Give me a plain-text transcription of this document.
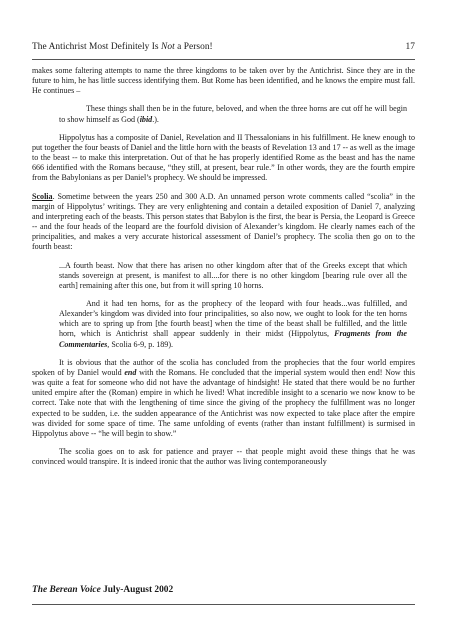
The Antichrist Most Definitely Is Not a Person!	17

makes some faltering attempts to name the three kingdoms to be taken over by the Antichrist. Since they are in the future to him, he has little success identifying them. But Rome has been identified, and he knows the empire must fall. He continues –

These things shall then be in the future, beloved, and when the three horns are cut off he will begin to show himself as God (ibid.).

Hippolytus has a composite of Daniel, Revelation and II Thessalonians in his fulfillment. He knew enough to put together the four beasts of Daniel and the little horn with the beasts of Revelation 13 and 17 -- as well as the image to the beast -- to make this interpretation. Out of that he has properly identified Rome as the beast and has the name 666 identified with the Romans because, “they still, at present, bear rule.” In other words, they are the fourth empire from the Babylonians as per Daniel’s prophecy. We should be impressed.

Scolia. Sometime between the years 250 and 300 A.D. An unnamed person wrote comments called “scolia” in the margin of Hippolytus’ writings. They are very enlightening and contain a detailed exposition of Daniel 7, analyzing and interpreting each of the beasts. This person states that Babylon is the first, the bear is Persia, the Leopard is Greece -- and the four heads of the leopard are the fourfold division of Alexander’s kingdom. He clearly names each of the principalities, and makes a very accurate historical assessment of Daniel’s prophecy. The scolia then go on to the fourth beast:

...A fourth beast. Now that there has arisen no other kingdom after that of the Greeks except that which stands sovereign at present, is manifest to all....for there is no other kingdom [bearing rule over all the earth] remaining after this one, but from it will spring 10 horns.

And it had ten horns, for as the prophecy of the leopard with four heads...was fulfilled, and Alexander’s kingdom was divided into four principalities, so also now, we ought to look for the ten horns which are to spring up from [the fourth beast] when the time of the beast shall be fulfilled, and the little horn, which is Antichrist shall appear suddenly in their midst (Hippolytus, Fragments from the Commentaries, Scolia 6-9, p. 189).

It is obvious that the author of the scolia has concluded from the prophecies that the four world empires spoken of by Daniel would end with the Romans. He concluded that the imperial system would then end! Now this was quite a feat for someone who did not have the advantage of hindsight! He stated that there would be no further united empire after the (Roman) empire in which he lived! What incredible insight to a scenario we now know to be correct. Take note that with the lengthening of time since the giving of the prophecy the fulfillment was no longer expected to be sudden, i.e. the sudden appearance of the Antichrist was now expected to take place after the empire was divided for some space of time. The same unfolding of events (rather than instant fulfillment) is surmised in Hippolytus above -- “he will begin to show.”

The scolia goes on to ask for patience and prayer -- that people might avoid these things that he was convinced would transpire. It is indeed ironic that the author was living contemporaneously

The Berean Voice July-August 2002
